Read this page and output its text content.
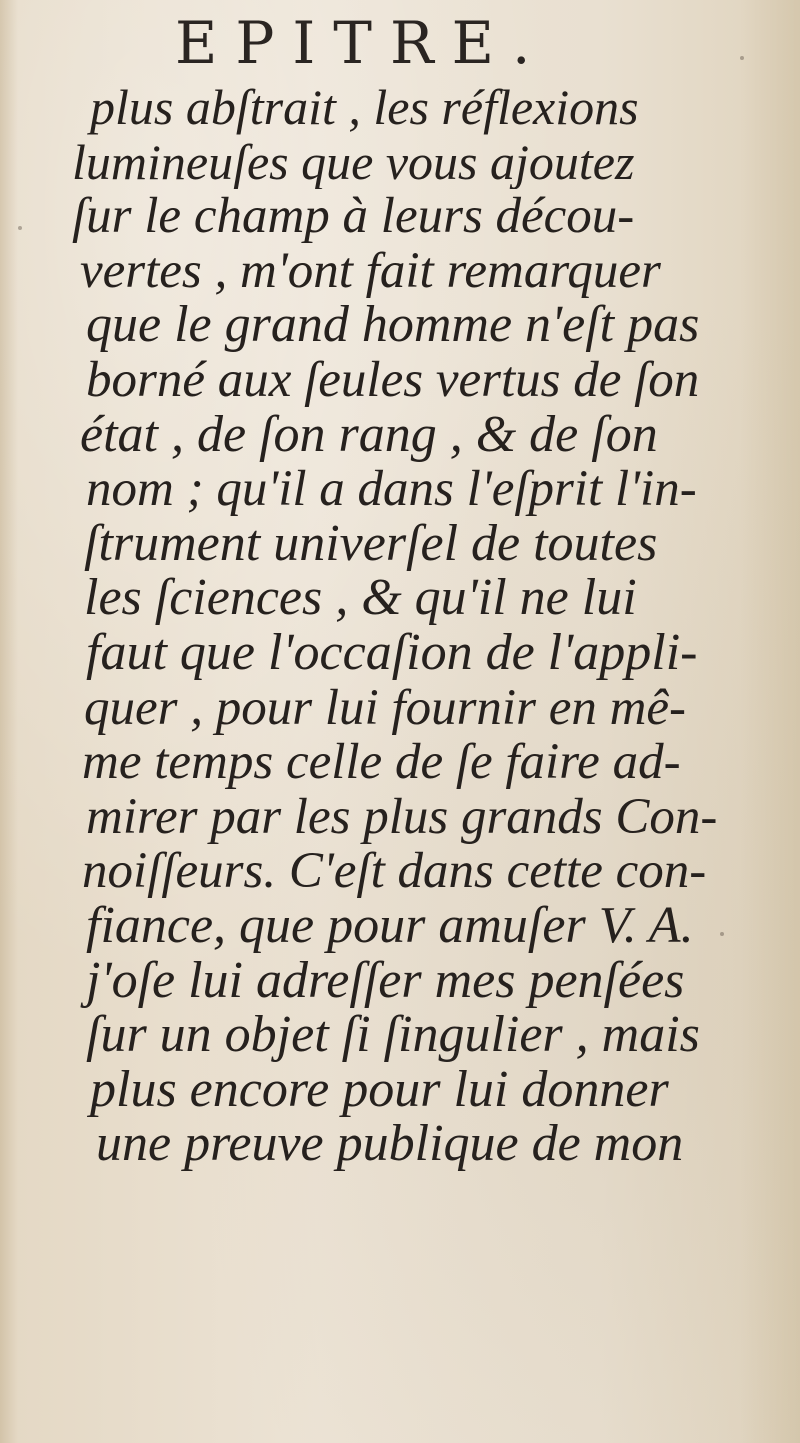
EPITRE.
plus abſtrait , les réflexions
lumineuſes que vous ajoutez
ſur le champ à leurs décou-
vertes , m'ont fait remarquer
que le grand homme n'eſt pas
borné aux ſeules vertus de ſon
état , de ſon rang , & de ſon
nom ; qu'il a dans l'eſprit l'in-
ſtrument univerſel de toutes
les ſciences , & qu'il ne lui
faut que l'occaſion de l'appli-
quer , pour lui fournir en mê-
me temps celle de ſe faire ad-
mirer par les plus grands Con-
noiſſeurs. C'eſt dans cette con-
fiance, que pour amuſer V. A.
j'oſe lui adreſſer mes penſées
ſur un objet ſi ſingulier , mais
plus encore pour lui donner
une preuve publique de mon
